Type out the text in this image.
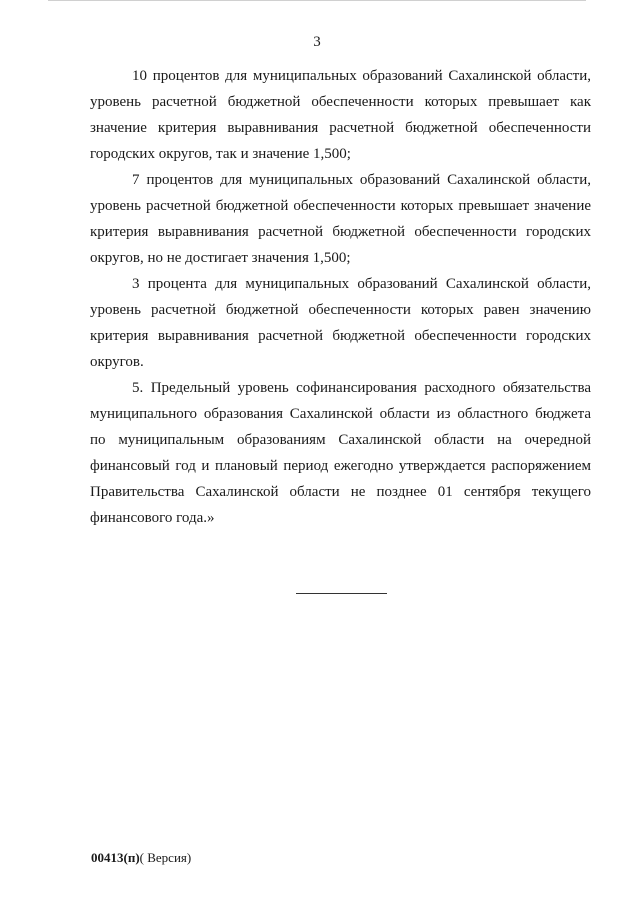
3

10 процентов для муниципальных образований Сахалинской области, уровень расчетной бюджетной обеспеченности которых превышает как значение критерия выравнивания расчетной бюджетной обеспеченности городских округов, так и значение 1,500;

7 процентов для муниципальных образований Сахалинской области, уровень расчетной бюджетной обеспеченности которых превышает значение критерия выравнивания расчетной бюджетной обеспеченности городских округов, но не достигает значения 1,500;

3 процента для муниципальных образований Сахалинской области, уровень расчетной бюджетной обеспеченности которых равен значению критерия выравнивания расчетной бюджетной обеспеченности городских округов.

5. Предельный уровень софинансирования расходного обязательства муниципального образования Сахалинской области из областного бюджета по муниципальным образованиям Сахалинской области на очередной финансовый год и плановый период ежегодно утверждается распоряжением Правительства Сахалинской области не позднее 01 сентября текущего финансового года.»

00413(п)( Версия)
